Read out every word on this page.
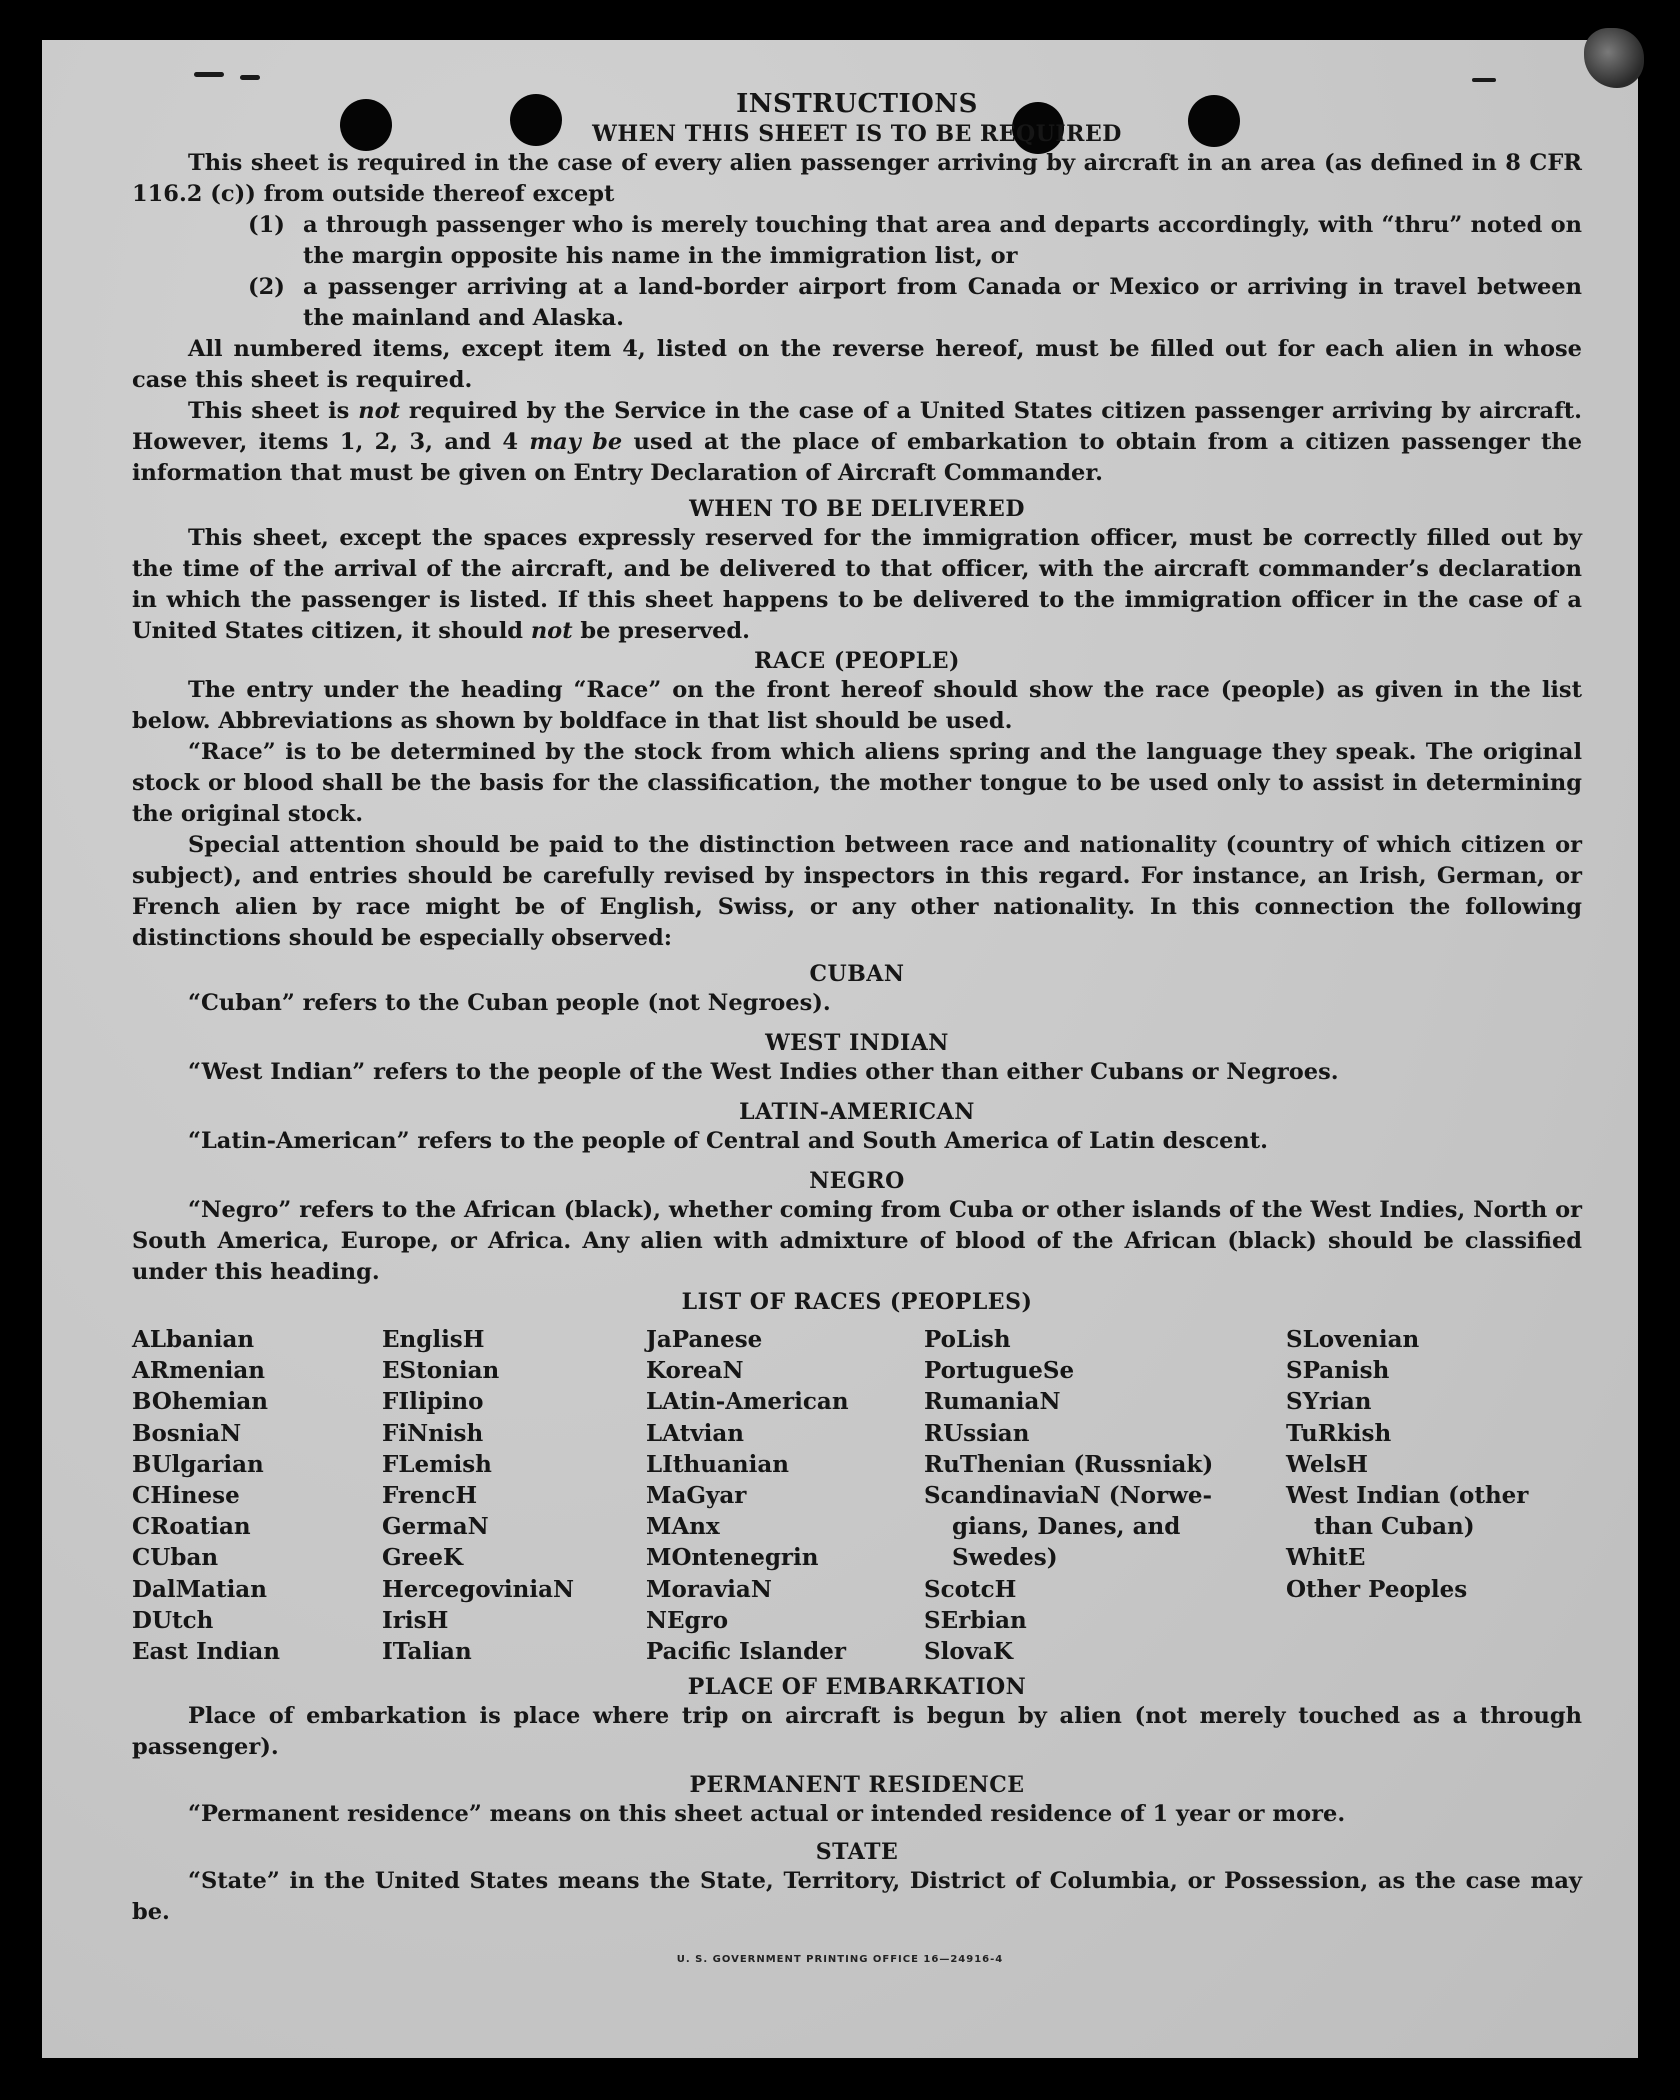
INSTRUCTIONS
WHEN THIS SHEET IS TO BE REQUIRED

This sheet is required in the case of every alien passenger arriving by aircraft in an area (as defined in 8 CFR 116.2 (c)) from outside thereof except

(1) a through passenger who is merely touching that area and departs accordingly, with “thru” noted on the margin opposite his name in the immigration list, or
(2) a passenger arriving at a land-border airport from Canada or Mexico or arriving in travel between the mainland and Alaska.

All numbered items, except item 4, listed on the reverse hereof, must be filled out for each alien in whose case this sheet is required.

This sheet is not required by the Service in the case of a United States citizen passenger arriving by aircraft. However, items 1, 2, 3, and 4 may be used at the place of embarkation to obtain from a citizen passenger the information that must be given on Entry Declaration of Aircraft Commander.

WHEN TO BE DELIVERED

This sheet, except the spaces expressly reserved for the immigration officer, must be correctly filled out by the time of the arrival of the aircraft, and be delivered to that officer, with the aircraft commander’s declaration in which the passenger is listed. If this sheet happens to be delivered to the immigration officer in the case of a United States citizen, it should not be preserved.

RACE (PEOPLE)

The entry under the heading “Race” on the front hereof should show the race (people) as given in the list below. Abbreviations as shown by boldface in that list should be used.

“Race” is to be determined by the stock from which aliens spring and the language they speak. The original stock or blood shall be the basis for the classification, the mother tongue to be used only to assist in determining the original stock.

Special attention should be paid to the distinction between race and nationality (country of which citizen or subject), and entries should be carefully revised by inspectors in this regard. For instance, an Irish, German, or French alien by race might be of English, Swiss, or any other nationality. In this connection the following distinctions should be especially observed:

CUBAN

“Cuban” refers to the Cuban people (not Negroes).

WEST INDIAN

“West Indian” refers to the people of the West Indies other than either Cubans or Negroes.

LATIN-AMERICAN

“Latin-American” refers to the people of Central and South America of Latin descent.

NEGRO

“Negro” refers to the African (black), whether coming from Cuba or other islands of the West Indies, North or South America, Europe, or Africa. Any alien with admixture of blood of the African (black) should be classified under this heading.

LIST OF RACES (PEOPLES)
ALbanian
ARmenian
BOhemian
BosniaN
BUlgarian
CHinese
CRoatian
CUban
DalMatian
DUtch
East Indian
EnglisH
EStonian
FIlipino
FiNnish
FLemish
FrencH
GermaN
GreeK
HercegoviniaN
IrisH
ITalian
JaPanese
KoreaN
LAtin-American
LAtvian
LIthuanian
MaGyar
MAnx
MOntenegrin
MoraviaN
NEgro
Pacific Islander
PoLish
PortugueSe
RumaniaN
RUssian
RuThenian (Russniak)
ScandinaviaN (Norwe-
gians, Danes, and
Swedes)
ScotcH
SErbian
SlovaK
SLovenian
SPanish
SYrian
TuRkish
WelsH
West Indian (other
than Cuban)
WhitE
Other Peoples
PLACE OF EMBARKATION

Place of embarkation is place where trip on aircraft is begun by alien (not merely touched as a through passenger).

PERMANENT RESIDENCE

“Permanent residence” means on this sheet actual or intended residence of 1 year or more.

STATE

“State” in the United States means the State, Territory, District of Columbia, or Possession, as the case may be.

U. S. GOVERNMENT PRINTING OFFICE 16—24916-4
